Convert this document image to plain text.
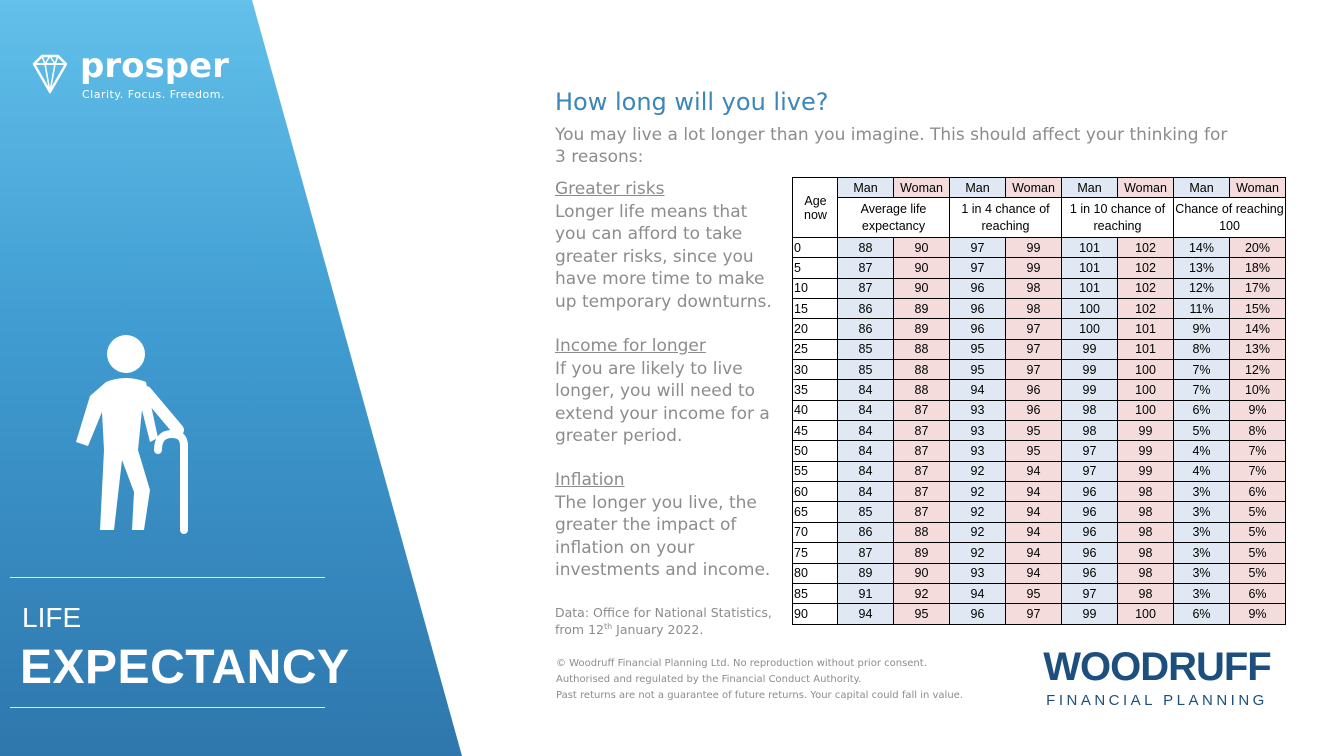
prosper
Clarity. Focus. Freedom.
LIFE
EXPECTANCY
How long will you live?
You may live a lot longer than you imagine. This should affect your thinking for 3 reasons:
Greater risks
Longer life means that you can afford to take greater risks, since you have more time to make up temporary downturns.
Income for longer
If you are likely to live longer, you will need to extend your income for a greater period.
Inflation
The longer you live, the greater the impact of inflation on your investments and income.
Data: Office for National Statistics,
from 12th January 2022.
© Woodruff Financial Planning Ltd. No reproduction without prior consent.
Authorised and regulated by the Financial Conduct Authority.
Past returns are not a guarantee of future returns. Your capital could fall in value.
WOODRUFF
FINANCIAL PLANNING
Age now	Man	Woman	Man	Woman	Man	Woman	Man	Woman
	Average life expectancy		1 in 4 chance of reaching		1 in 10 chance of reaching		Chance of reaching 100	
0	88	90	97	99	101	102	14%	20%
5	87	90	97	99	101	102	13%	18%
10	87	90	96	98	101	102	12%	17%
15	86	89	96	98	100	102	11%	15%
20	86	89	96	97	100	101	9%	14%
25	85	88	95	97	99	101	8%	13%
30	85	88	95	97	99	100	7%	12%
35	84	88	94	96	99	100	7%	10%
40	84	87	93	96	98	100	6%	9%
45	84	87	93	95	98	99	5%	8%
50	84	87	93	95	97	99	4%	7%
55	84	87	92	94	97	99	4%	7%
60	84	87	92	94	96	98	3%	6%
65	85	87	92	94	96	98	3%	5%
70	86	88	92	94	96	98	3%	5%
75	87	89	92	94	96	98	3%	5%
80	89	90	93	94	96	98	3%	5%
85	91	92	94	95	97	98	3%	6%
90	94	95	96	97	99	100	6%	9%
